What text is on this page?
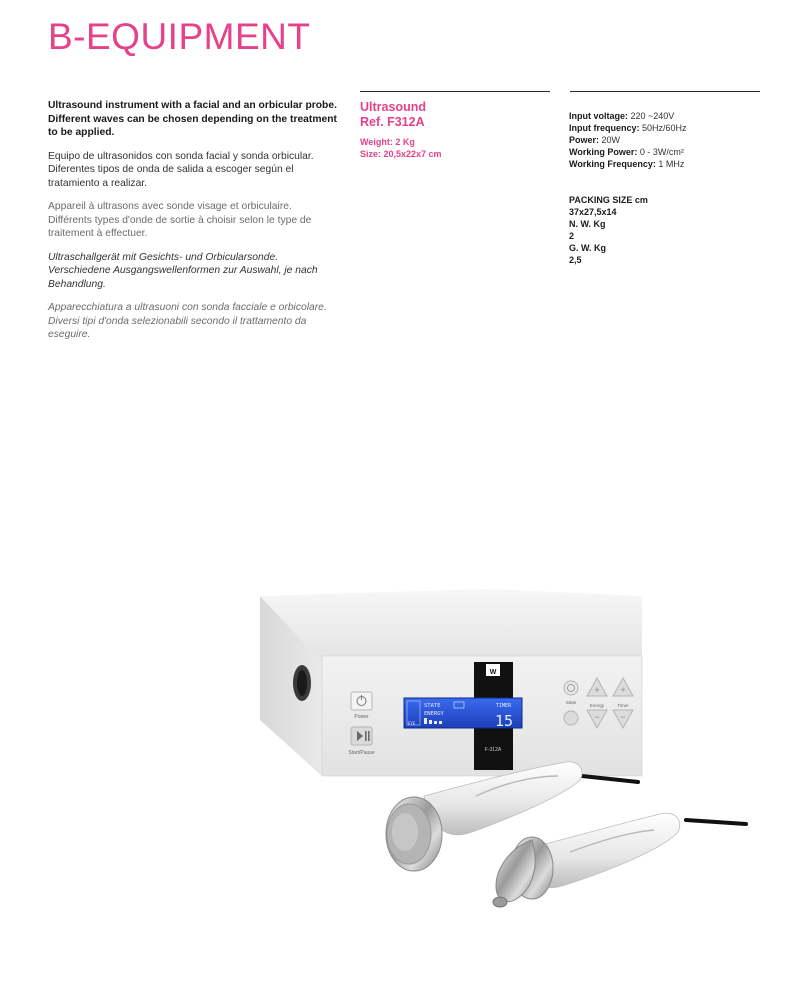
B-EQUIPMENT

Ultrasound instrument with a facial and an orbicular probe. Different waves can be chosen depending on the treatment to be applied.

Equipo de ultrasonidos con sonda facial y sonda orbicular. Diferentes tipos de onda de salida a escoger según el tratamiento a realizar.

Appareil à ultrasons avec sonde visage et orbiculaire. Différents types d'onde de sortie à choisir selon le type de traitement à effectuer.

Ultraschallgerät mit Gesichts- und Orbicularsonde. Verschiedene Ausgangswellenformen zur Auswahl, je nach Behandlung.

Apparecchiatura a ultrasuoni con sonda facciale e orbicolare. Diversi tipi d'onda selezionabili secondo il trattamento da eseguire.

Ultrasound
Ref. F312A
Weight: 2 Kg
Size: 20,5x22x7 cm
Input voltage: 220 ~240V
Input frequency: 50Hz/60Hz
Power: 20W
Working Power: 0 - 3W/cm²
Working Frequency: 1 MHz
PACKING SIZE cm
37x27,5x14
N. W. Kg
2
G. W. Kg
2,5
Power
Start/Pause
W
F-312A
STATE
ENERGY
EYE
TIMER
15
State
+
Energy
−
+
Timer
−
